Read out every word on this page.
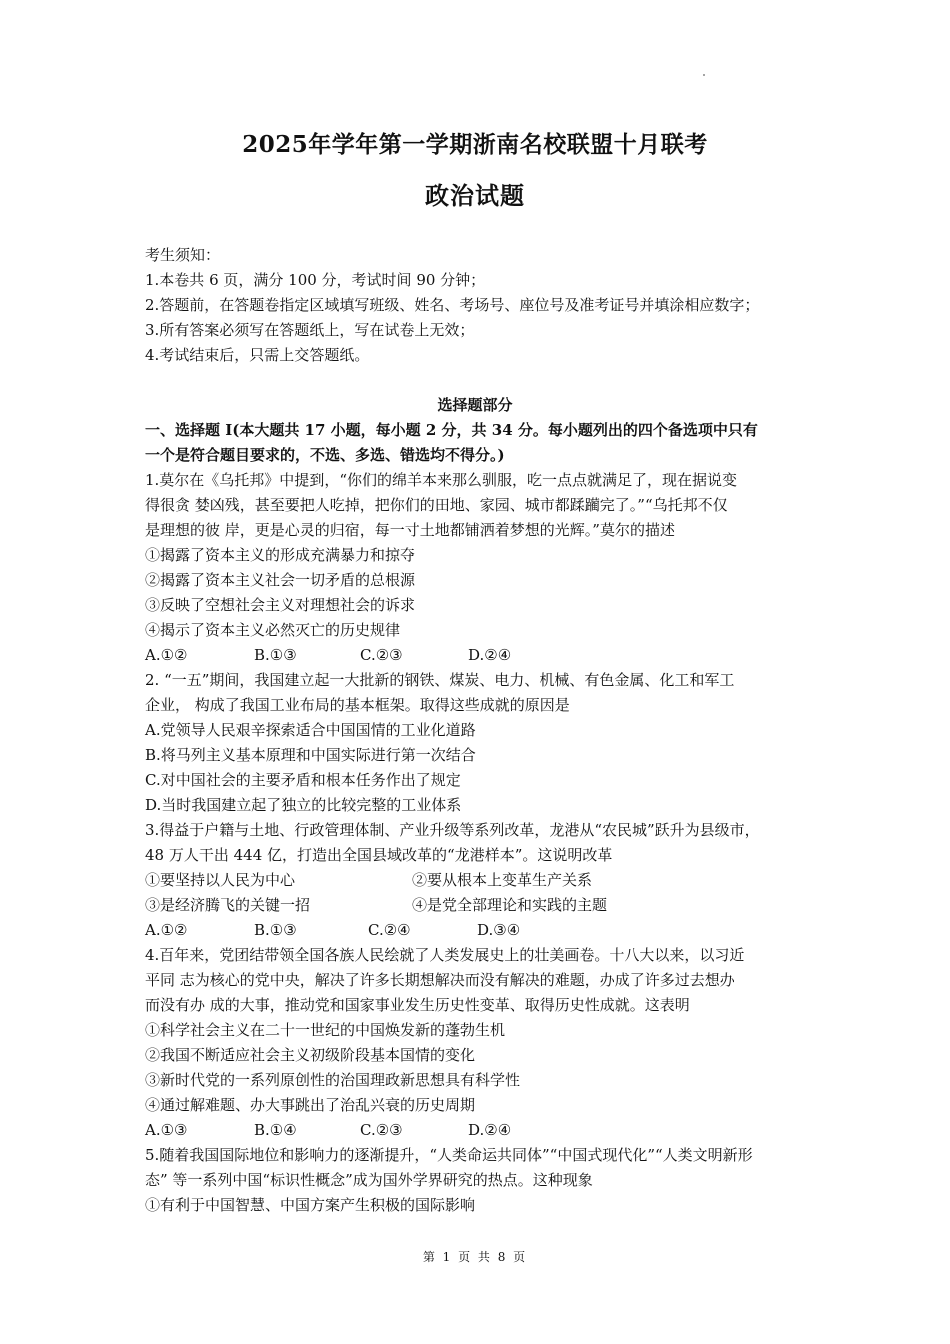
2025年学年第一学期浙南名校联盟十月联考
政治试题
考生须知：
1.本卷共 6 页，满分 100 分，考试时间 90 分钟；
2.答题前，在答题卷指定区域填写班级、姓名、考场号、座位号及准考证号并填涂相应数字；
3.所有答案必须写在答题纸上，写在试卷上无效；
4.考试结束后，只需上交答题纸。
选择题部分
一、选择题 I(本大题共 17 小题，每小题 2 分，共 34 分。每小题列出的四个备选项中只有
一个是符合题目要求的，不选、多选、错选均不得分。)
1.莫尔在《乌托邦》中提到，“你们的绵羊本来那么驯服，吃一点点就满足了，现在据说变
得很贪 婪凶残，甚至要把人吃掉，把你们的田地、家园、城市都蹂躏完了。”“乌托邦不仅
是理想的彼 岸，更是心灵的归宿，每一寸土地都铺洒着梦想的光辉。”莫尔的描述
①揭露了资本主义的形成充满暴力和掠夺
②揭露了资本主义社会一切矛盾的总根源
③反映了空想社会主义对理想社会的诉求
④揭示了资本主义必然灭亡的历史规律
A.①②	B.①③	C.②③	D.②④
2. “一五”期间，我国建立起一大批新的钢铁、煤炭、电力、机械、有色金属、化工和军工
企业， 构成了我国工业布局的基本框架。取得这些成就的原因是
A.党领导人民艰辛探索适合中国国情的工业化道路
B.将马列主义基本原理和中国实际进行第一次结合
C.对中国社会的主要矛盾和根本任务作出了规定
D.当时我国建立起了独立的比较完整的工业体系
3.得益于户籍与土地、行政管理体制、产业升级等系列改革，龙港从“农民城”跃升为县级市，
48 万人干出 444 亿，打造出全国县域改革的“龙港样本”。这说明改革
①要坚持以人民为中心	②要从根本上变革生产关系
③是经济腾飞的关键一招	④是党全部理论和实践的主题
A.①②	B.①③	C.②④	D.③④
4.百年来，党团结带领全国各族人民绘就了人类发展史上的壮美画卷。十八大以来，以习近
平同 志为核心的党中央，解决了许多长期想解决而没有解决的难题，办成了许多过去想办
而没有办 成的大事，推动党和国家事业发生历史性变革、取得历史性成就。这表明
①科学社会主义在二十一世纪的中国焕发新的蓬勃生机
②我国不断适应社会主义初级阶段基本国情的变化
③新时代党的一系列原创性的治国理政新思想具有科学性
④通过解难题、办大事跳出了治乱兴衰的历史周期
A.①③	B.①④	C.②③	D.②④
5.随着我国国际地位和影响力的逐渐提升，“人类命运共同体”“中国式现代化”“人类文明新形
态” 等一系列中国“标识性概念”成为国外学界研究的热点。这种现象
①有利于中国智慧、中国方案产生积极的国际影响
第 1 页 共 8 页
